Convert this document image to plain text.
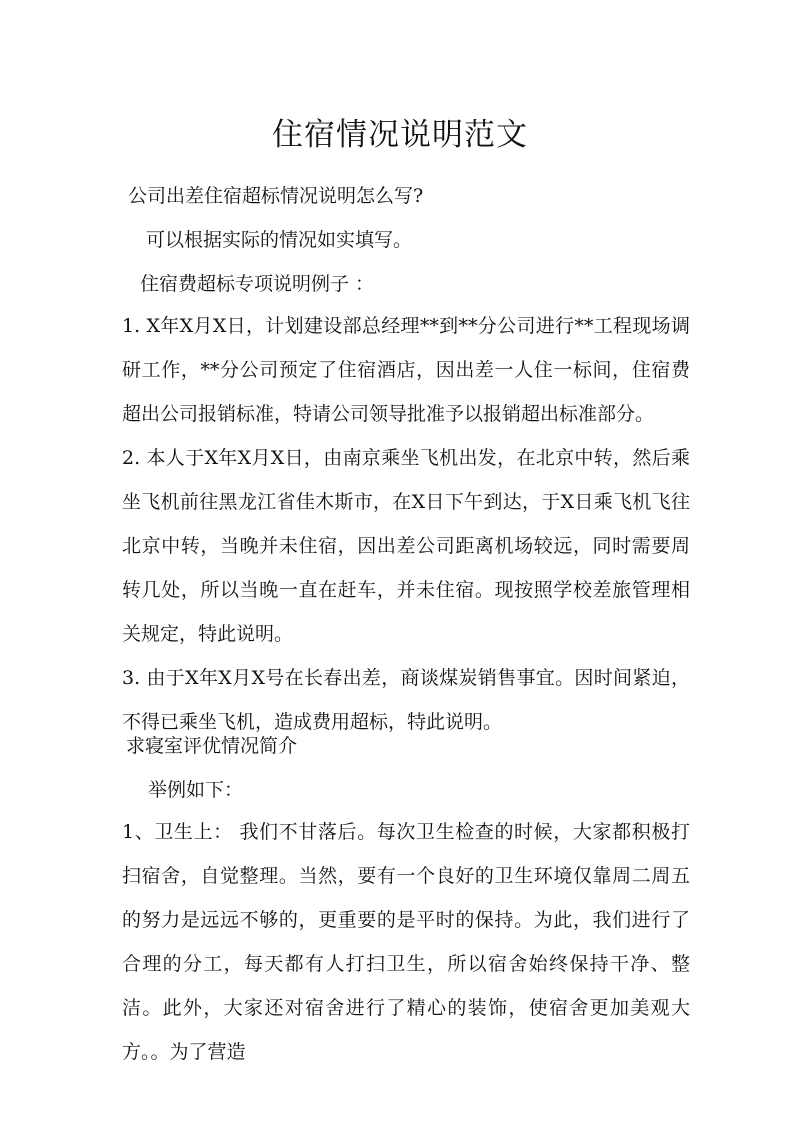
住宿情况说明范文
公司出差住宿超标情况说明怎么写?
可以根据实际的情况如实填写。
住宿费超标专项说明例子 ：
1. X年X月X日，计划建设部总经理**到**分公司进行**工程现场调研工作，**分公司预定了住宿酒店，因出差一人住一标间，住宿费超出公司报销标准，特请公司领导批准予以报销超出标准部分。
2. 本人于X年X月X日，由南京乘坐飞机出发，在北京中转，然后乘坐飞机前往黑龙江省佳木斯市，在X日下午到达，于X日乘飞机飞往北京中转，当晚并未住宿，因出差公司距离机场较远，同时需要周转几处，所以当晚一直在赶车，并未住宿。现按照学校差旅管理相关规定，特此说明。
3. 由于X年X月X号在长春出差，商谈煤炭销售事宜。因时间紧迫，不得已乘坐飞机，造成费用超标，特此说明。
求寝室评优情况简介
举例如下：
1、卫生上： 我们不甘落后。每次卫生检查的时候，大家都积极打扫宿舍，自觉整理。当然，要有一个良好的卫生环境仅靠周二周五的努力是远远不够的，更重要的是平时的保持。为此，我们进行了合理的分工，每天都有人打扫卫生，所以宿舍始终保持干净、整洁。此外，大家还对宿舍进行了精心的装饰，使宿舍更加美观大方。。为了营造
